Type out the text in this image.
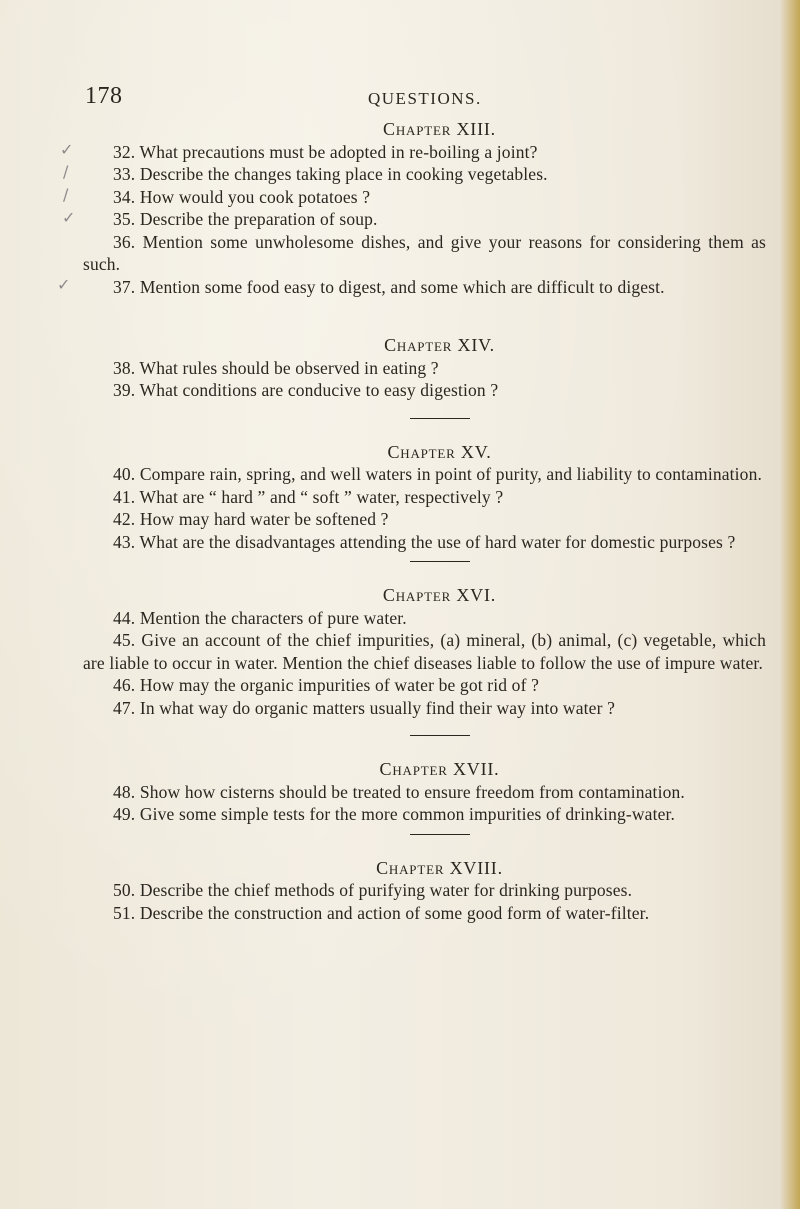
178	QUESTIONS.
✓
/
/
✓
✓

Chapter XIII.

32. What precautions must be adopted in re-boiling a joint?

33. Describe the changes taking place in cooking vegetables.

34. How would you cook potatoes ?

35. Describe the preparation of soup.

36. Mention some unwholesome dishes, and give your reasons for considering them as such.

37. Mention some food easy to digest, and some which are difficult to digest.

Chapter XIV.

38. What rules should be observed in eating ?

39. What conditions are conducive to easy digestion ?

Chapter XV.

40. Compare rain, spring, and well waters in point of purity, and liability to contamination.

41. What are “ hard ” and “ soft ” water, respectively ?

42. How may hard water be softened ?

43. What are the disadvantages attending the use of hard water for domestic purposes ?

Chapter XVI.

44. Mention the characters of pure water.

45. Give an account of the chief impurities, (a) mineral, (b) animal, (c) vegetable, which are liable to occur in water. Mention the chief diseases liable to follow the use of impure water.

46. How may the organic impurities of water be got rid of ?

47. In what way do organic matters usually find their way into water ?

Chapter XVII.

48. Show how cisterns should be treated to ensure freedom from contamination.

49. Give some simple tests for the more common impurities of drinking-water.

Chapter XVIII.

50. Describe the chief methods of purifying water for drinking purposes.

51. Describe the construction and action of some good form of water-filter.
